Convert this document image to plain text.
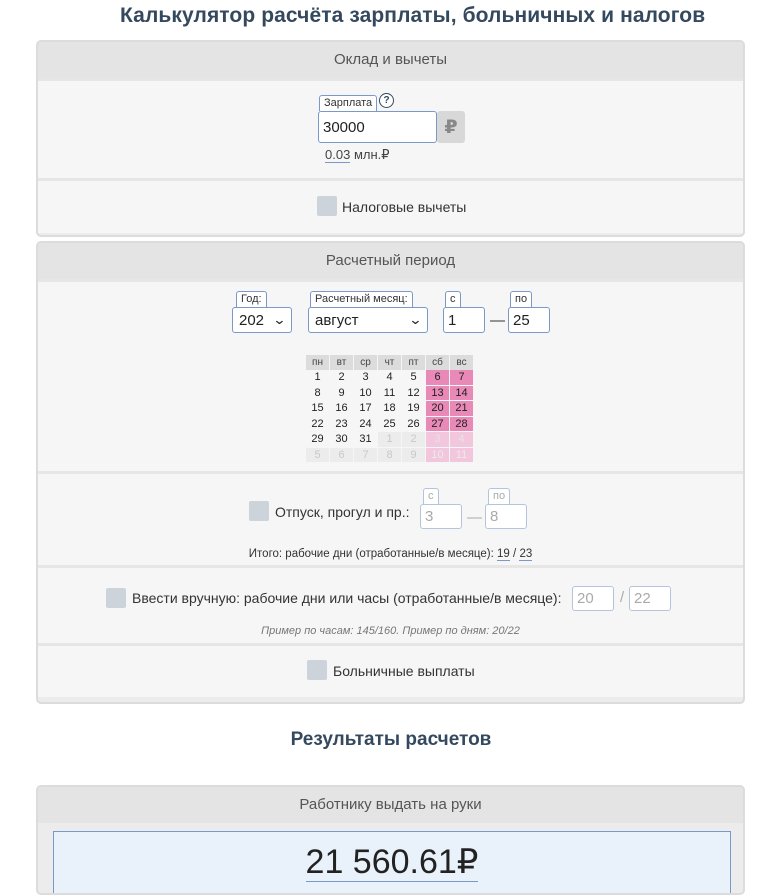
Калькулятор расчёта зарплаты, больничных и налогов
Оклад и вычеты
Зарплата	?
30000	₽
0.03 млн.₽
Налоговые вычеты
Расчетный период
Год:
202 ⌄
Расчетный месяц:
август	⌄
с
1	—
по
25
пн	вт	ср	чт	пт	сб	вс
1	2	3	4	5	6	7
8	9	10	11	12	13	14
15	16	17	18	19	20	21
22	23	24	25	26	27	28
29	30	31	1	2	3	4
5	6	7	8	9	10	11
Отпуск, прогул и пр.:
с
3	—
по
8
Итого: рабочие дни (отработанные/в месяце): 19 / 23
Ввести вручную: рабочие дни или часы (отработанные/в месяце):	20	/ 22
Пример по часам: 145/160. Пример по дням: 20/22
Больничные выплаты
Результаты расчетов
Работнику выдать на руки
21 560.61₽
